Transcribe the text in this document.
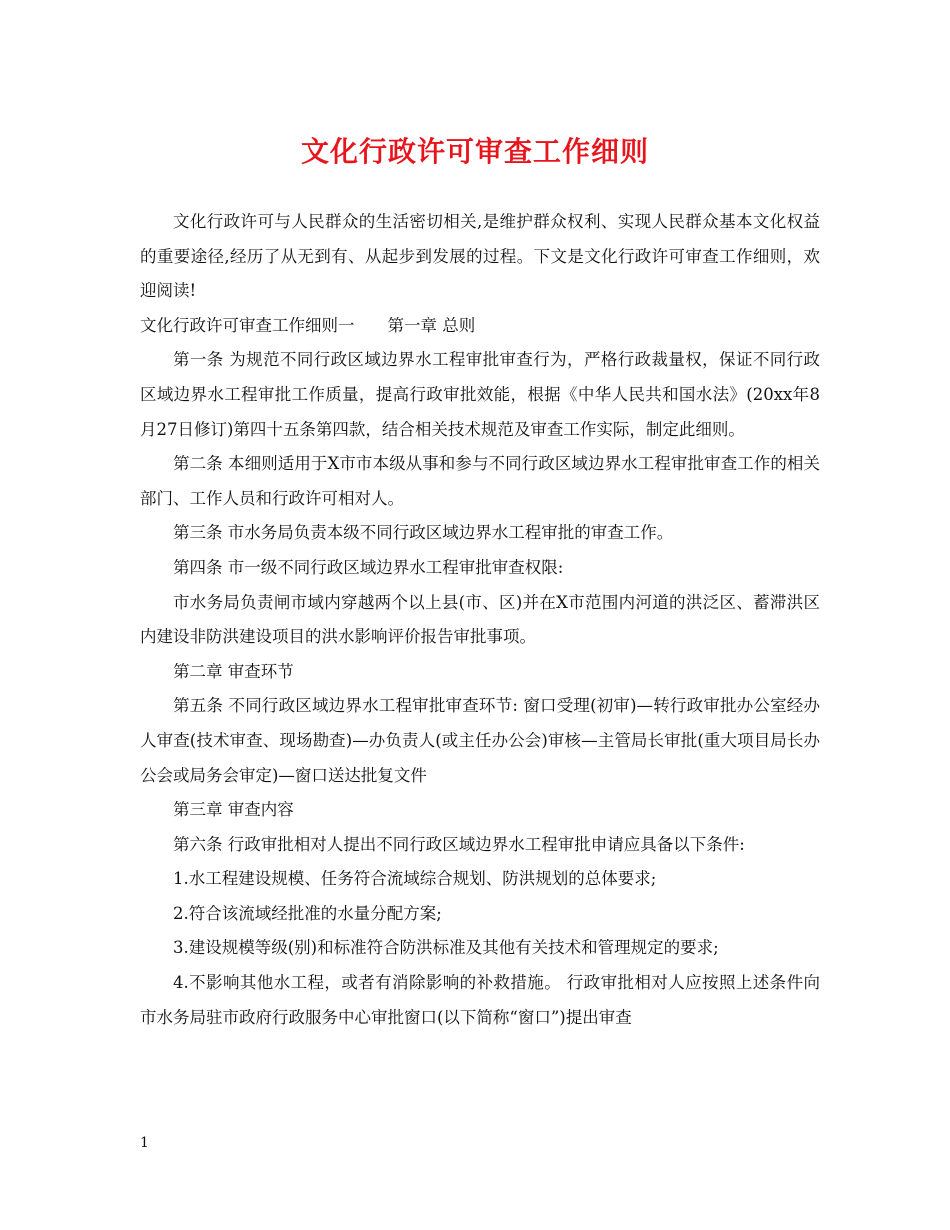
文化行政许可审查工作细则

文化行政许可与人民群众的生活密切相关,是维护群众权利、实现人民群众基本文化权益的重要途径,经历了从无到有、从起步到发展的过程。下文是文化行政许可审查工作细则，欢迎阅读!

文化行政许可审查工作细则一　　第一章 总则

第一条 为规范不同行政区域边界水工程审批审查行为，严格行政裁量权，保证不同行政区域边界水工程审批工作质量，提高行政审批效能，根据《中华人民共和国水法》(20xx年8月27日修订)第四十五条第四款，结合相关技术规范及审查工作实际，制定此细则。

第二条 本细则适用于X市市本级从事和参与不同行政区域边界水工程审批审查工作的相关部门、工作人员和行政许可相对人。

第三条 市水务局负责本级不同行政区域边界水工程审批的审查工作。

第四条 市一级不同行政区域边界水工程审批审查权限:

市水务局负责闸市域内穿越两个以上县(市、区)并在X市范围内河道的洪泛区、蓄滞洪区内建设非防洪建设项目的洪水影响评价报告审批事项。

第二章 审查环节

第五条 不同行政区域边界水工程审批审查环节: 窗口受理(初审)—转行政审批办公室经办人审查(技术审查、现场勘查)—办负责人(或主任办公会)审核—主管局长审批(重大项目局长办公会或局务会审定)—窗口送达批复文件

第三章 审查内容

第六条 行政审批相对人提出不同行政区域边界水工程审批申请应具备以下条件:

1.水工程建设规模、任务符合流域综合规划、防洪规划的总体要求;

2.符合该流域经批准的水量分配方案;

3.建设规模等级(别)和标准符合防洪标准及其他有关技术和管理规定的要求;

4.不影响其他水工程，或者有消除影响的补救措施。 行政审批相对人应按照上述条件向市水务局驻市政府行政服务中心审批窗口(以下简称“窗口”)提出审查

1
